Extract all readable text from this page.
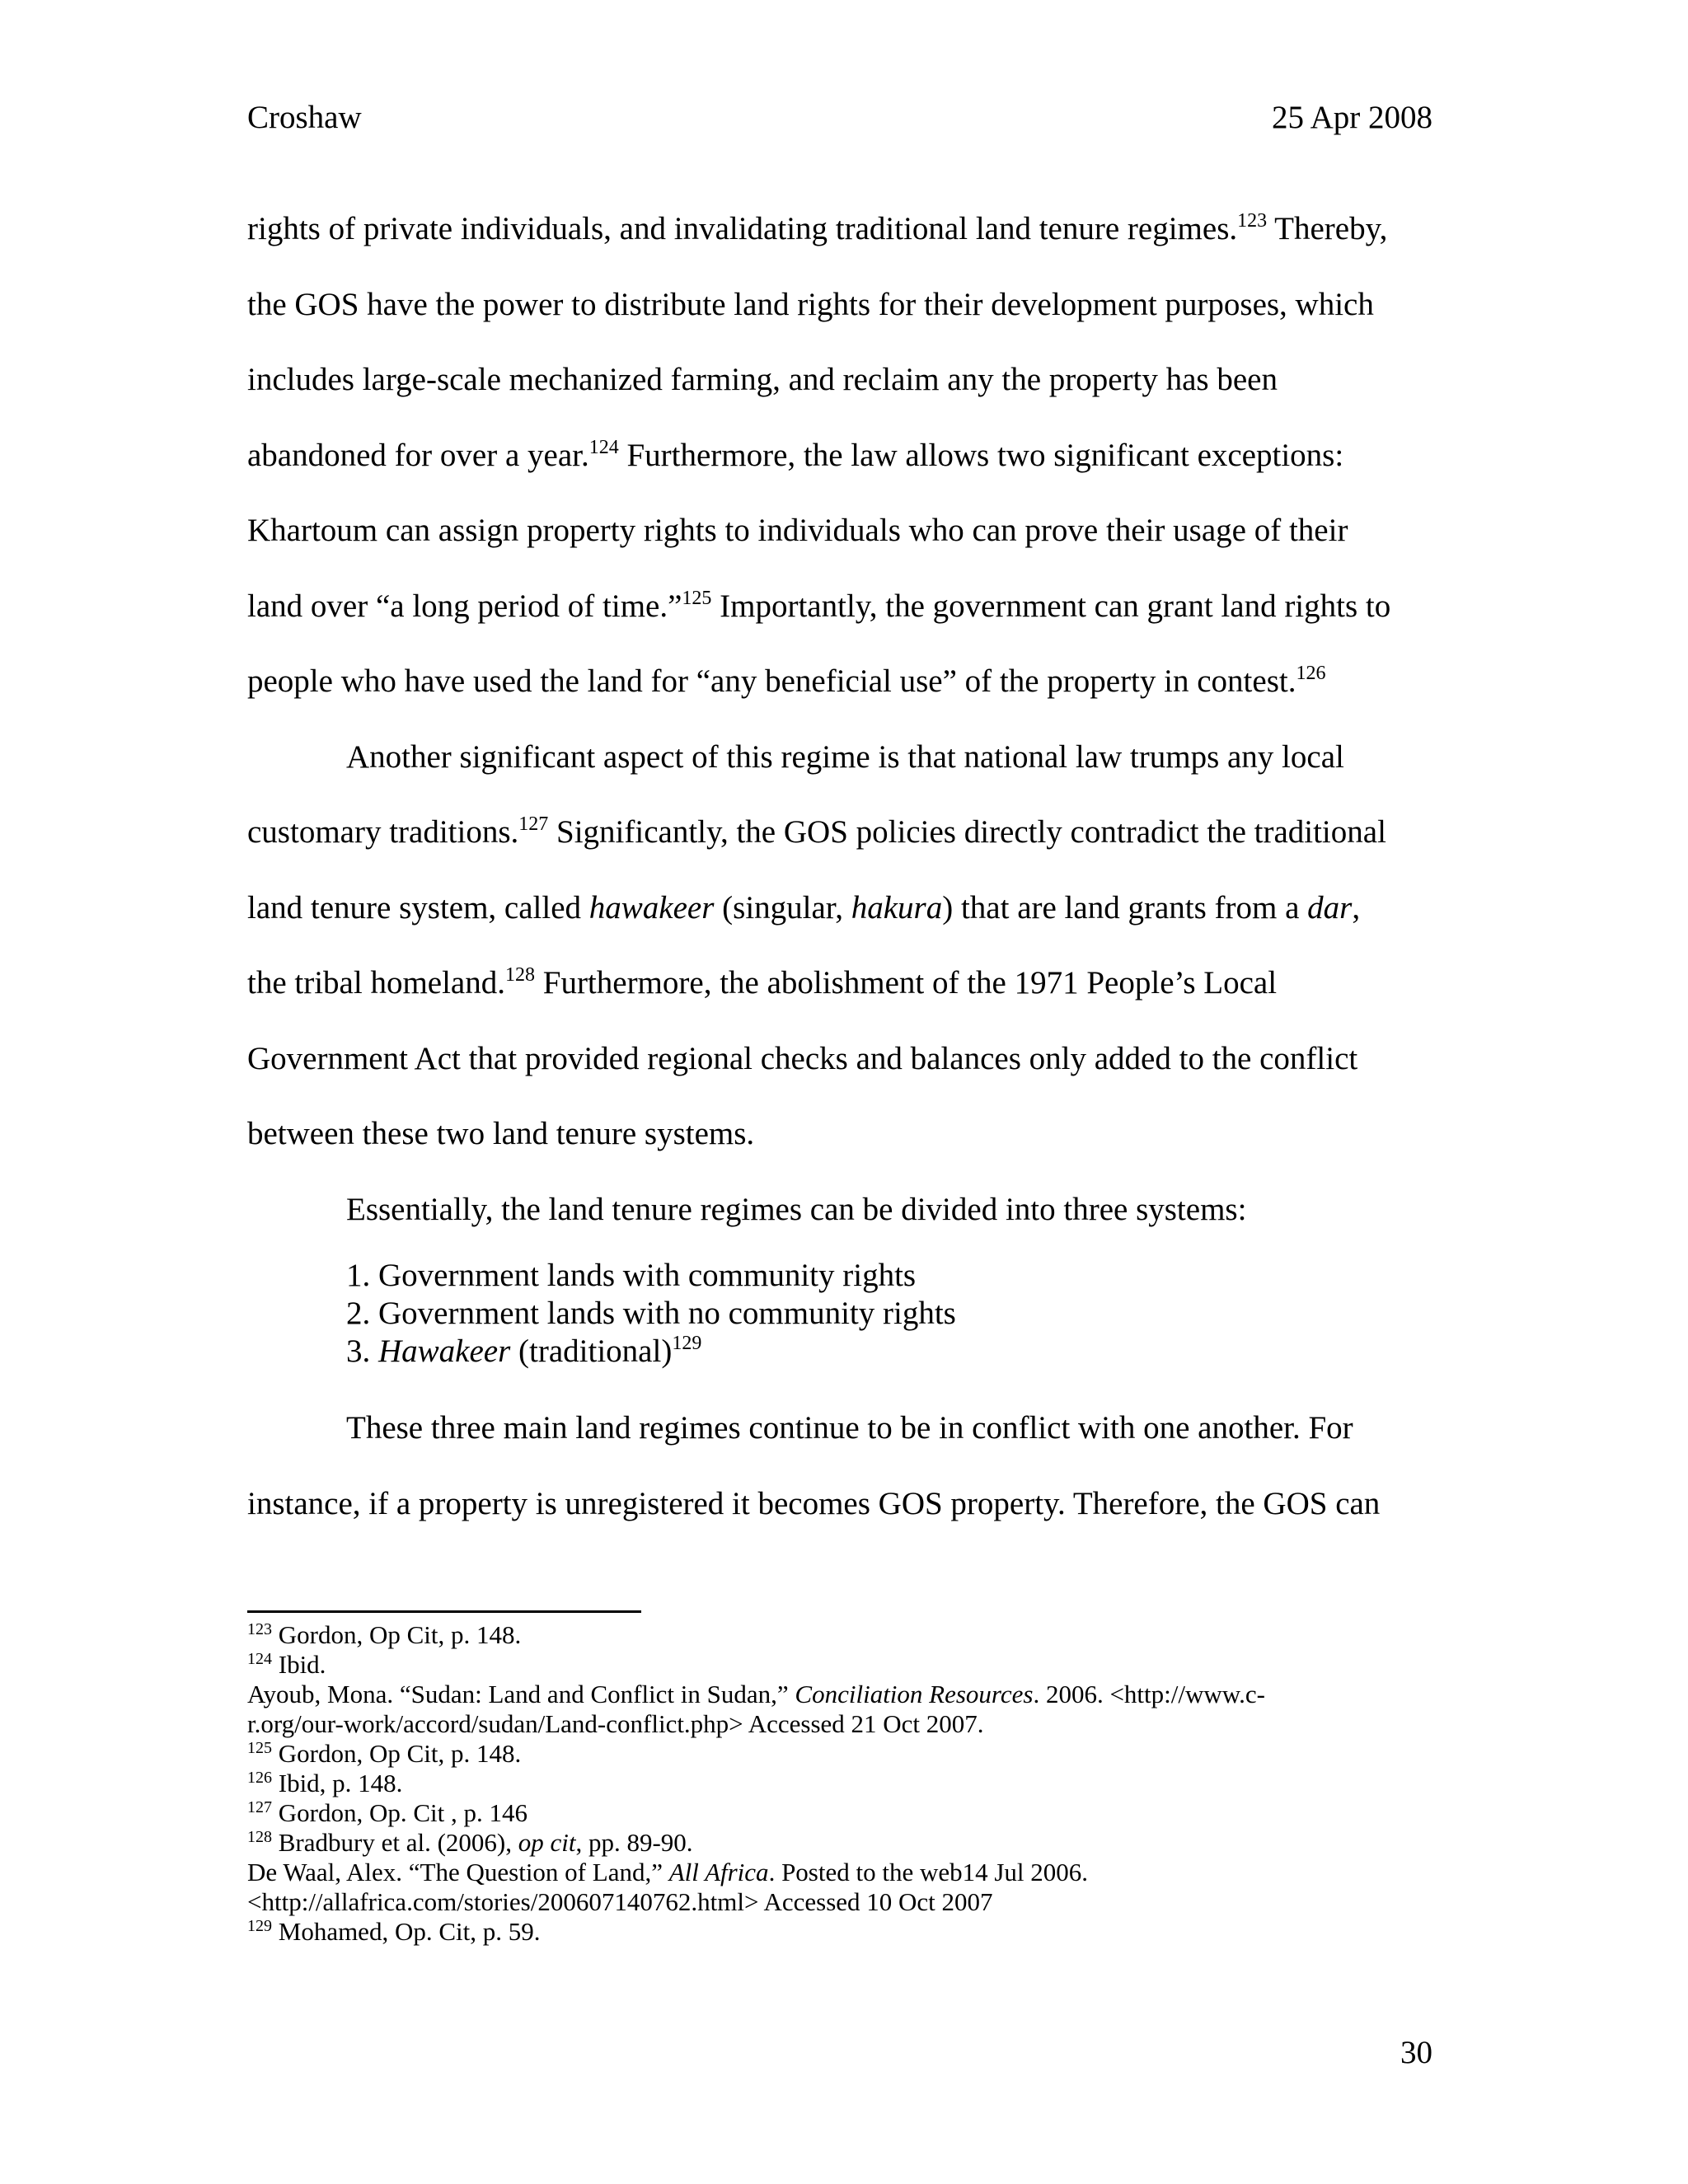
Croshaw	25 Apr 2008

rights of private individuals, and invalidating traditional land tenure regimes.$^{123}$ Thereby,
the GOS have the power to distribute land rights for their development purposes, which
includes large-scale mechanized farming, and reclaim any the property has been
abandoned for over a year.$^{124}$ Furthermore, the law allows two significant exceptions:
Khartoum can assign property rights to individuals who can prove their usage of their
land over “a long period of time.”$^{125}$ Importantly, the government can grant land rights to
people who have used the land for “any beneficial use” of the property in contest.$^{126}$

Another significant aspect of this regime is that national law trumps any local
customary traditions.$^{127}$ Significantly, the GOS policies directly contradict the traditional
land tenure system, called hawakeer (singular, hakura) that are land grants from a dar,
the tribal homeland.$^{128}$ Furthermore, the abolishment of the 1971 People’s Local
Government Act that provided regional checks and balances only added to the conflict
between these two land tenure systems.

Essentially, the land tenure regimes can be divided into three systems:

1. Government lands with community rights
2. Government lands with no community rights
3. Hawakeer (traditional)$^{129}$

These three main land regimes continue to be in conflict with one another. For
instance, if a property is unregistered it becomes GOS property. Therefore, the GOS can

$^{123}$ Gordon, Op Cit, p. 148.
$^{124}$ Ibid.
Ayoub, Mona. “Sudan: Land and Conflict in Sudan,” Conciliation Resources. 2006. <http://www.c-
r.org/our-work/accord/sudan/Land-conflict.php> Accessed 21 Oct 2007.
$^{125}$ Gordon, Op Cit, p. 148.
$^{126}$ Ibid, p. 148.
$^{127}$ Gordon, Op. Cit , p. 146
$^{128}$ Bradbury et al. (2006), op cit, pp. 89-90.
De Waal, Alex. “The Question of Land,” All Africa. Posted to the web14 Jul 2006.
<http://allafrica.com/stories/200607140762.html> Accessed 10 Oct 2007
$^{129}$ Mohamed, Op. Cit, p. 59.
30
